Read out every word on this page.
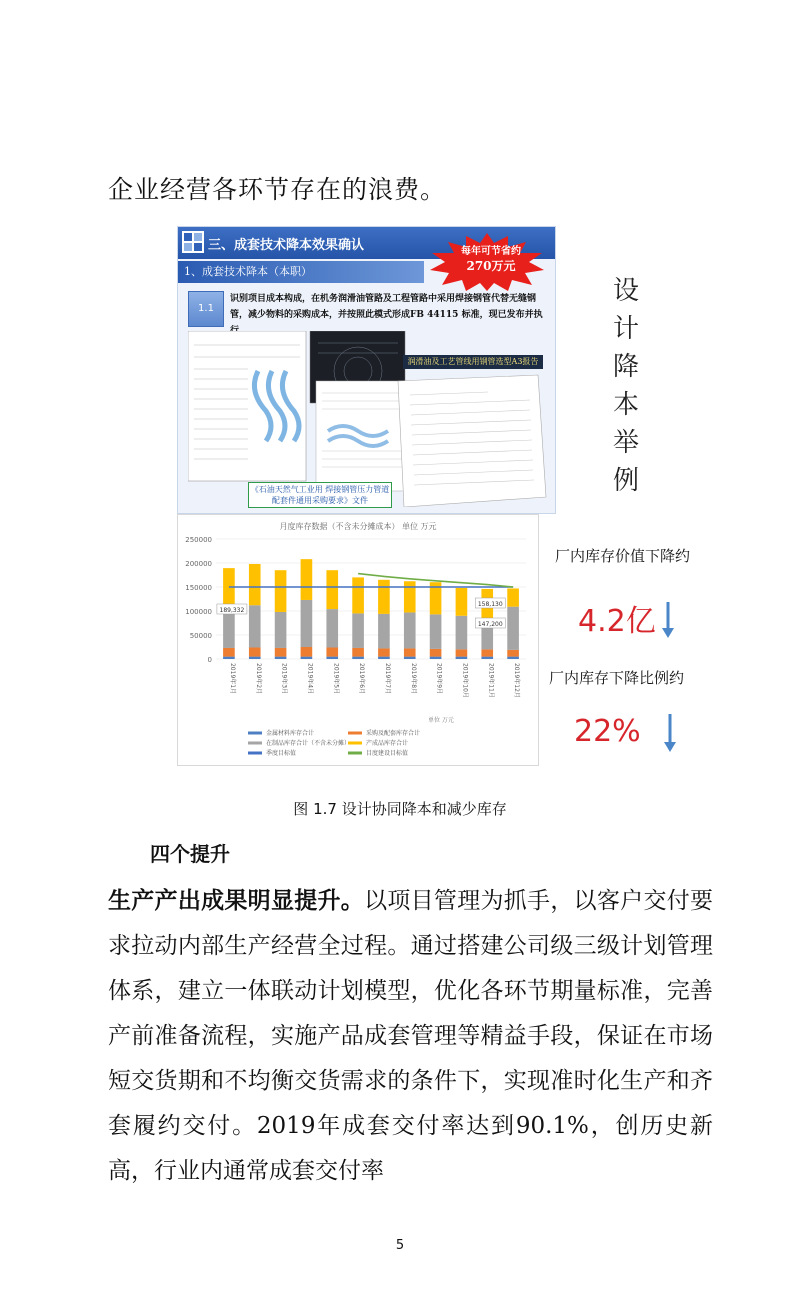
企业经营各环节存在的浪费。
三、成套技术降本效果确认
1、成套技术降本（本职）
每年可节省约
270万元
1.1
识别项目成本构成，在机务润滑油管路及工程管路中采用焊接钢管代替无缝钢管，减少物料的采购成本，并按照此模式形成FB 44115 标准，现已发布并执
润滑油及工艺管线用钢管选型A3报告
《石油天然气工业用 焊接钢管压力管道配套件通用采购要求》文件
设
计
降
本
举
例
月度库存数据（不含未分摊成本） 单位 万元
0
50000
100000
150000
200000
250000
2019年1月	2019年2月	2019年3月	2019年4月	2019年5月	2019年6月	2019年7月	2019年8月	2019年9月	2019年10月	2019年11月	2019年12月
189,332
158,130
147,200
单位 万元
金属材料库存合计	采购及配套库存合计
在制品库存合计（不含未分摊）	产成品库存合计
季度目标值	目度建设目标值
厂内库存价值下降约
4.2亿
厂内库存下降比例约
22%
图 1.7 设计协同降本和减少库存
四个提升
生产产出成果明显提升。以项目管理为抓手，以客户交付要求拉动内部生产经营全过程。通过搭建公司级三级计划管理体系，建立一体联动计划模型，优化各环节期量标准，完善产前准备流程，实施产品成套管理等精益手段，保证在市场短交货期和不均衡交货需求的条件下，实现准时化生产和齐套履约交付。2019年成套交付率达到90.1%，创历史新高，行业内通常成套交付率
5
